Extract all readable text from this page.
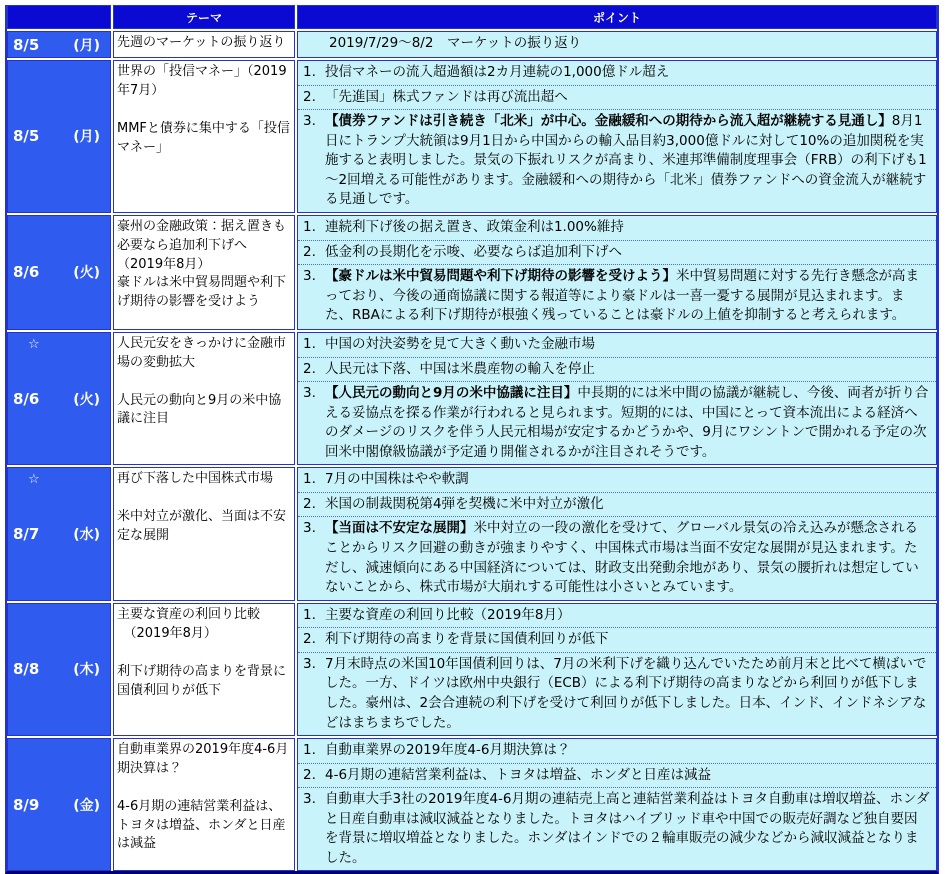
テーマ	ポイント
8/5 (月) 先週のマーケットの振り返り	2019/7/29～8/2　マーケットの振り返り
8/5 (月)
世界の「投信マネー」（2019年7月）
MMFと債券に集中する「投信マネー」
1. 投信マネーの流入超過額は2カ月連続の1,000億ドル超え
2. 「先進国」株式ファンドは再び流出超へ
3. 【債券ファンドは引き続き「北米」が中心。金融緩和への期待から流入超が継続する見通し】8月1日にトランプ大統領は9月1日から中国からの輸入品目約3,000億ドルに対して10%の追加関税を実施すると表明しました。景気の下振れリスクが高まり、米連邦準備制度理事会（FRB）の利下げも1～2回増える可能性があります。金融緩和への期待から「北米」債券ファンドへの資金流入が継続する見通しです。
8/6 (火)
豪州の金融政策：据え置きも必要なら追加利下げへ（2019年8月）
豪ドルは米中貿易問題や利下げ期待の影響を受けよう
1. 連続利下げ後の据え置き、政策金利は1.00%維持
2. 低金利の長期化を示唆、必要ならば追加利下げへ
3. 【豪ドルは米中貿易問題や利下げ期待の影響を受けよう】米中貿易問題に対する先行き懸念が高まっており、今後の通商協議に関する報道等により豪ドルは一喜一憂する展開が見込まれます。また、RBAによる利下げ期待が根強く残っていることは豪ドルの上値を抑制すると考えられます。
☆
8/6 (火)
人民元安をきっかけに金融市場の変動拡大
人民元の動向と9月の米中協議に注目
1. 中国の対決姿勢を見て大きく動いた金融市場
2. 人民元は下落、中国は米農産物の輸入を停止
3. 【人民元の動向と9月の米中協議に注目】中長期的には米中間の協議が継続し、今後、両者が折り合える妥協点を探る作業が行われると見られます。短期的には、中国にとって資本流出による経済へのダメージのリスクを伴う人民元相場が安定するかどうかや、9月にワシントンで開かれる予定の次回米中閣僚級協議が予定通り開催されるかが注目されそうです。
☆
8/7 (水)
再び下落した中国株式市場
米中対立が激化、当面は不安定な展開
1. 7月の中国株はやや軟調
2. 米国の制裁関税第4弾を契機に米中対立が激化
3. 【当面は不安定な展開】米中対立の一段の激化を受けて、グローバル景気の冷え込みが懸念されることからリスク回避の動きが強まりやすく、中国株式市場は当面不安定な展開が見込まれます。ただし、減速傾向にある中国経済については、財政支出発動余地があり、景気の腰折れは想定していないことから、株式市場が大崩れする可能性は小さいとみています。
8/8 (木)
主要な資産の利回り比較
　（2019年8月）
利下げ期待の高まりを背景に国債利回りが低下
1. 主要な資産の利回り比較（2019年8月）
2. 利下げ期待の高まりを背景に国債利回りが低下
3. 7月末時点の米国10年国債利回りは、7月の米利下げを織り込んでいたため前月末と比べて横ばいでした。一方、ドイツは欧州中央銀行（ECB）による利下げ期待の高まりなどから利回りが低下しました。豪州は、2会合連続の利下げを受けて利回りが低下しました。日本、インド、インドネシアなどはまちまちでした。
8/9 (金)
自動車業界の2019年度4-6月期決算は？
4-6月期の連結営業利益は、トヨタは増益、ホンダと日産は減益
1. 自動車業界の2019年度4-6月期決算は？
2. 4-6月期の連結営業利益は、トヨタは増益、ホンダと日産は減益
3. 自動車大手3社の2019年度4-6月期の連結売上高と連結営業利益はトヨタ自動車は増収増益、ホンダと日産自動車は減収減益となりました。トヨタはハイブリッド車や中国での販売好調など独自要因を背景に増収増益となりました。ホンダはインドでの２輪車販売の減少などから減収減益となりました。
